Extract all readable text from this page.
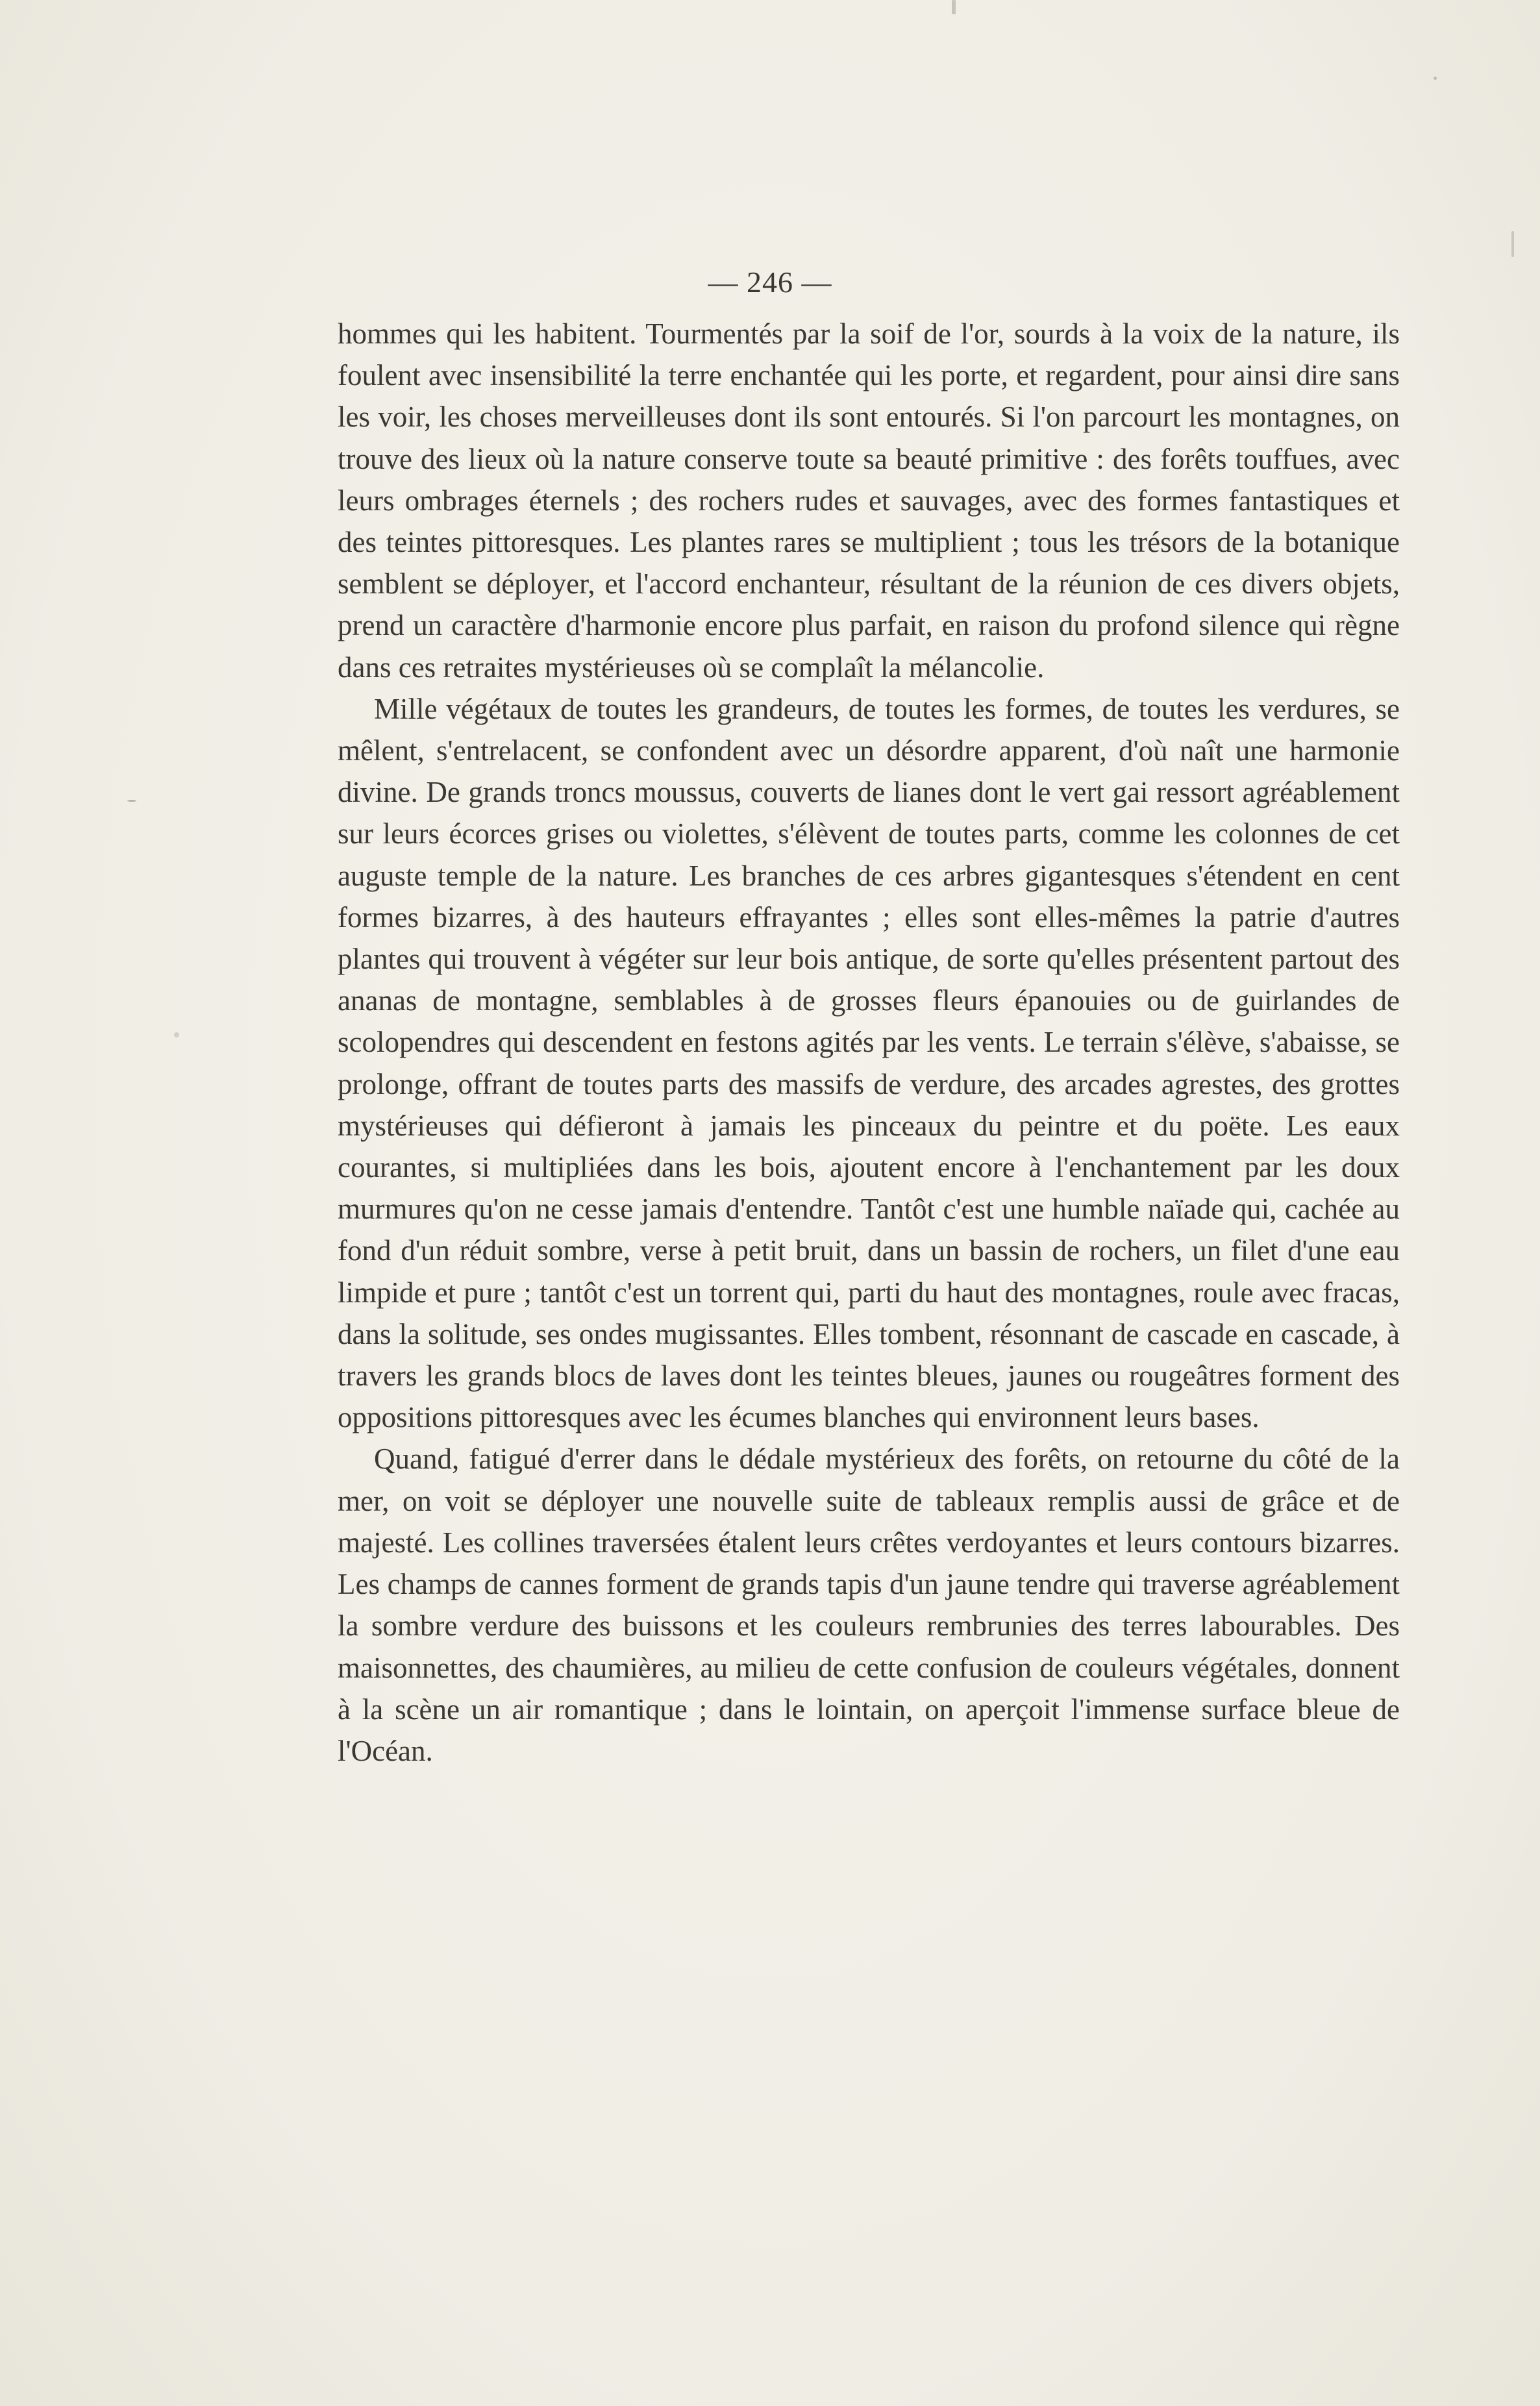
— 246 —

hommes qui les habitent. Tourmentés par la soif de l'or, sourds à la voix de la nature, ils foulent avec insensibilité la terre enchantée qui les porte, et regardent, pour ainsi dire sans les voir, les choses merveilleuses dont ils sont entourés. Si l'on parcourt les montagnes, on trouve des lieux où la nature conserve toute sa beauté primitive : des forêts touffues, avec leurs ombrages éternels ; des rochers rudes et sauvages, avec des formes fantastiques et des teintes pittoresques. Les plantes rares se multiplient ; tous les trésors de la botanique semblent se déployer, et l'accord enchanteur, résultant de la réunion de ces divers objets, prend un caractère d'harmonie encore plus parfait, en raison du profond silence qui règne dans ces retraites mystérieuses où se complaît la mélancolie.

Mille végétaux de toutes les grandeurs, de toutes les formes, de toutes les verdures, se mêlent, s'entrelacent, se confondent avec un désordre apparent, d'où naît une harmonie divine. De grands troncs moussus, couverts de lianes dont le vert gai ressort agréablement sur leurs écorces grises ou violettes, s'élèvent de toutes parts, comme les colonnes de cet auguste temple de la nature. Les branches de ces arbres gigantesques s'étendent en cent formes bizarres, à des hauteurs effrayantes ; elles sont elles-mêmes la patrie d'autres plantes qui trouvent à végéter sur leur bois antique, de sorte qu'elles présentent partout des ananas de montagne, semblables à de grosses fleurs épanouies ou de guirlandes de scolopendres qui descendent en festons agités par les vents. Le terrain s'élève, s'abaisse, se prolonge, offrant de toutes parts des massifs de verdure, des arcades agrestes, des grottes mystérieuses qui défieront à jamais les pinceaux du peintre et du poëte. Les eaux courantes, si multipliées dans les bois, ajoutent encore à l'enchantement par les doux murmures qu'on ne cesse jamais d'entendre. Tantôt c'est une humble naïade qui, cachée au fond d'un réduit sombre, verse à petit bruit, dans un bassin de rochers, un filet d'une eau limpide et pure ; tantôt c'est un torrent qui, parti du haut des montagnes, roule avec fracas, dans la solitude, ses ondes mugissantes. Elles tombent, résonnant de cascade en cascade, à travers les grands blocs de laves dont les teintes bleues, jaunes ou rougeâtres forment des oppositions pittoresques avec les écumes blanches qui environnent leurs bases.

Quand, fatigué d'errer dans le dédale mystérieux des forêts, on retourne du côté de la mer, on voit se déployer une nouvelle suite de tableaux remplis aussi de grâce et de majesté. Les collines traversées étalent leurs crêtes verdoyantes et leurs contours bizarres. Les champs de cannes forment de grands tapis d'un jaune tendre qui traverse agréablement la sombre verdure des buissons et les couleurs rembrunies des terres labourables. Des maisonnettes, des chaumières, au milieu de cette confusion de couleurs végétales, donnent à la scène un air romantique ; dans le lointain, on aperçoit l'immense surface bleue de l'Océan.
